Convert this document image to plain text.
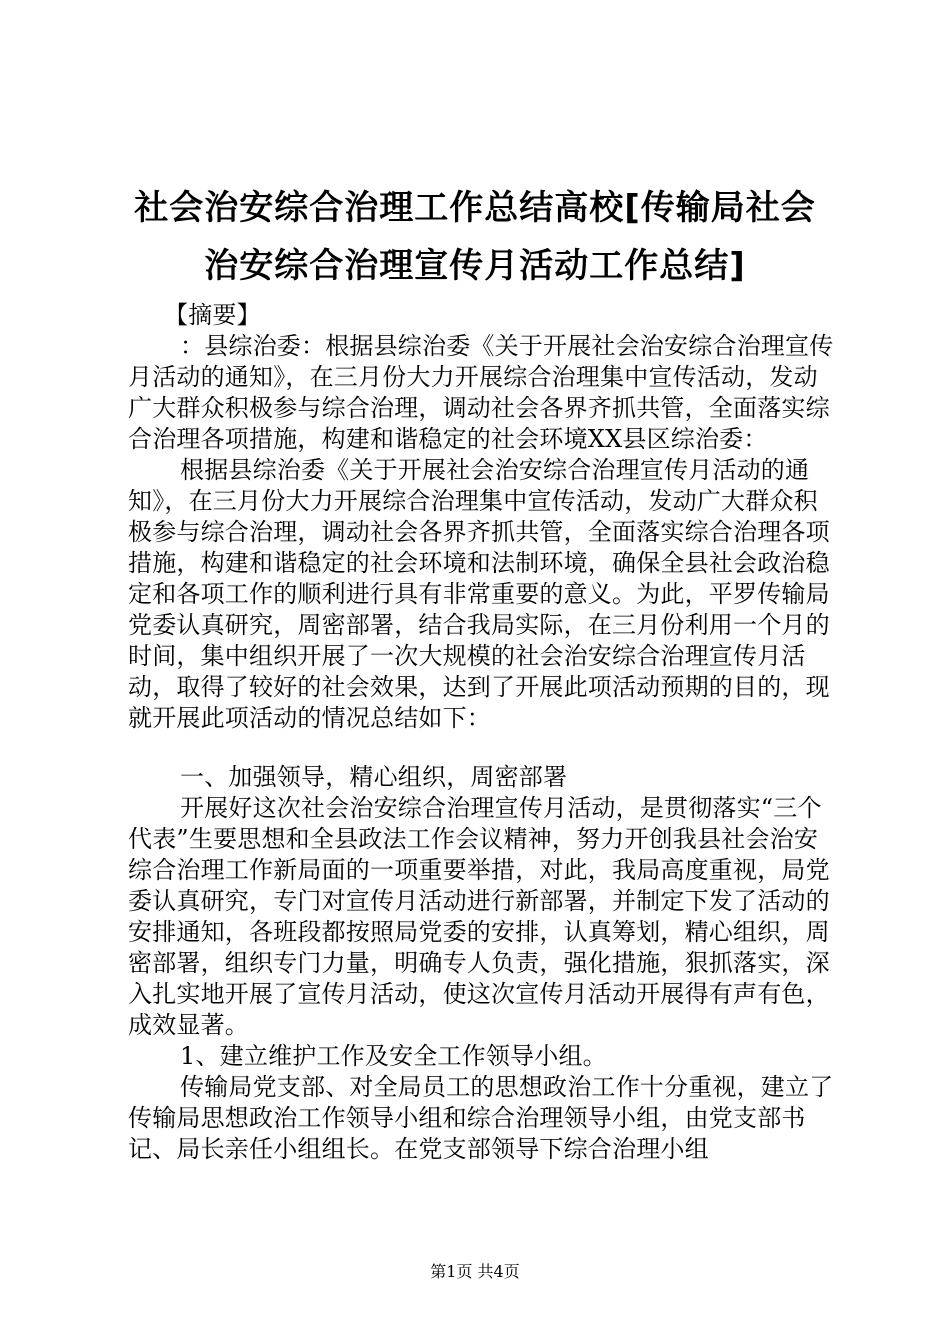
社会治安综合治理工作总结高校[传输局社会
治安综合治理宣传月活动工作总结]

【摘要】

：县综治委：根据县综治委《关于开展社会治安综合治理宣传月活动的通知》，在三月份大力开展综合治理集中宣传活动，发动广大群众积极参与综合治理，调动社会各界齐抓共管，全面落实综合治理各项措施，构建和谐稳定的社会环境XX县区综治委：

根据县综治委《关于开展社会治安综合治理宣传月活动的通知》，在三月份大力开展综合治理集中宣传活动，发动广大群众积极参与综合治理，调动社会各界齐抓共管，全面落实综合治理各项措施，构建和谐稳定的社会环境和法制环境，确保全县社会政治稳定和各项工作的顺利进行具有非常重要的意义。为此，平罗传输局党委认真研究，周密部署，结合我局实际，在三月份利用一个月的时间，集中组织开展了一次大规模的社会治安综合治理宣传月活动，取得了较好的社会效果，达到了开展此项活动预期的目的，现就开展此项活动的情况总结如下：

一、加强领导，精心组织，周密部署

开展好这次社会治安综合治理宣传月活动，是贯彻落实“三个代表”生要思想和全县政法工作会议精神，努力开创我县社会治安综合治理工作新局面的一项重要举措，对此，我局高度重视，局党委认真研究，专门对宣传月活动进行新部署，并制定下发了活动的安排通知，各班段都按照局党委的安排，认真筹划，精心组织，周密部署，组织专门力量，明确专人负责，强化措施，狠抓落实，深入扎实地开展了宣传月活动，使这次宣传月活动开展得有声有色，成效显著。

1、建立维护工作及安全工作领导小组。

传输局党支部、对全局员工的思想政治工作十分重视，建立了传输局思想政治工作领导小组和综合治理领导小组，由党支部书记、局长亲任小组组长。在党支部领导下综合治理小组

第1页 共4页
